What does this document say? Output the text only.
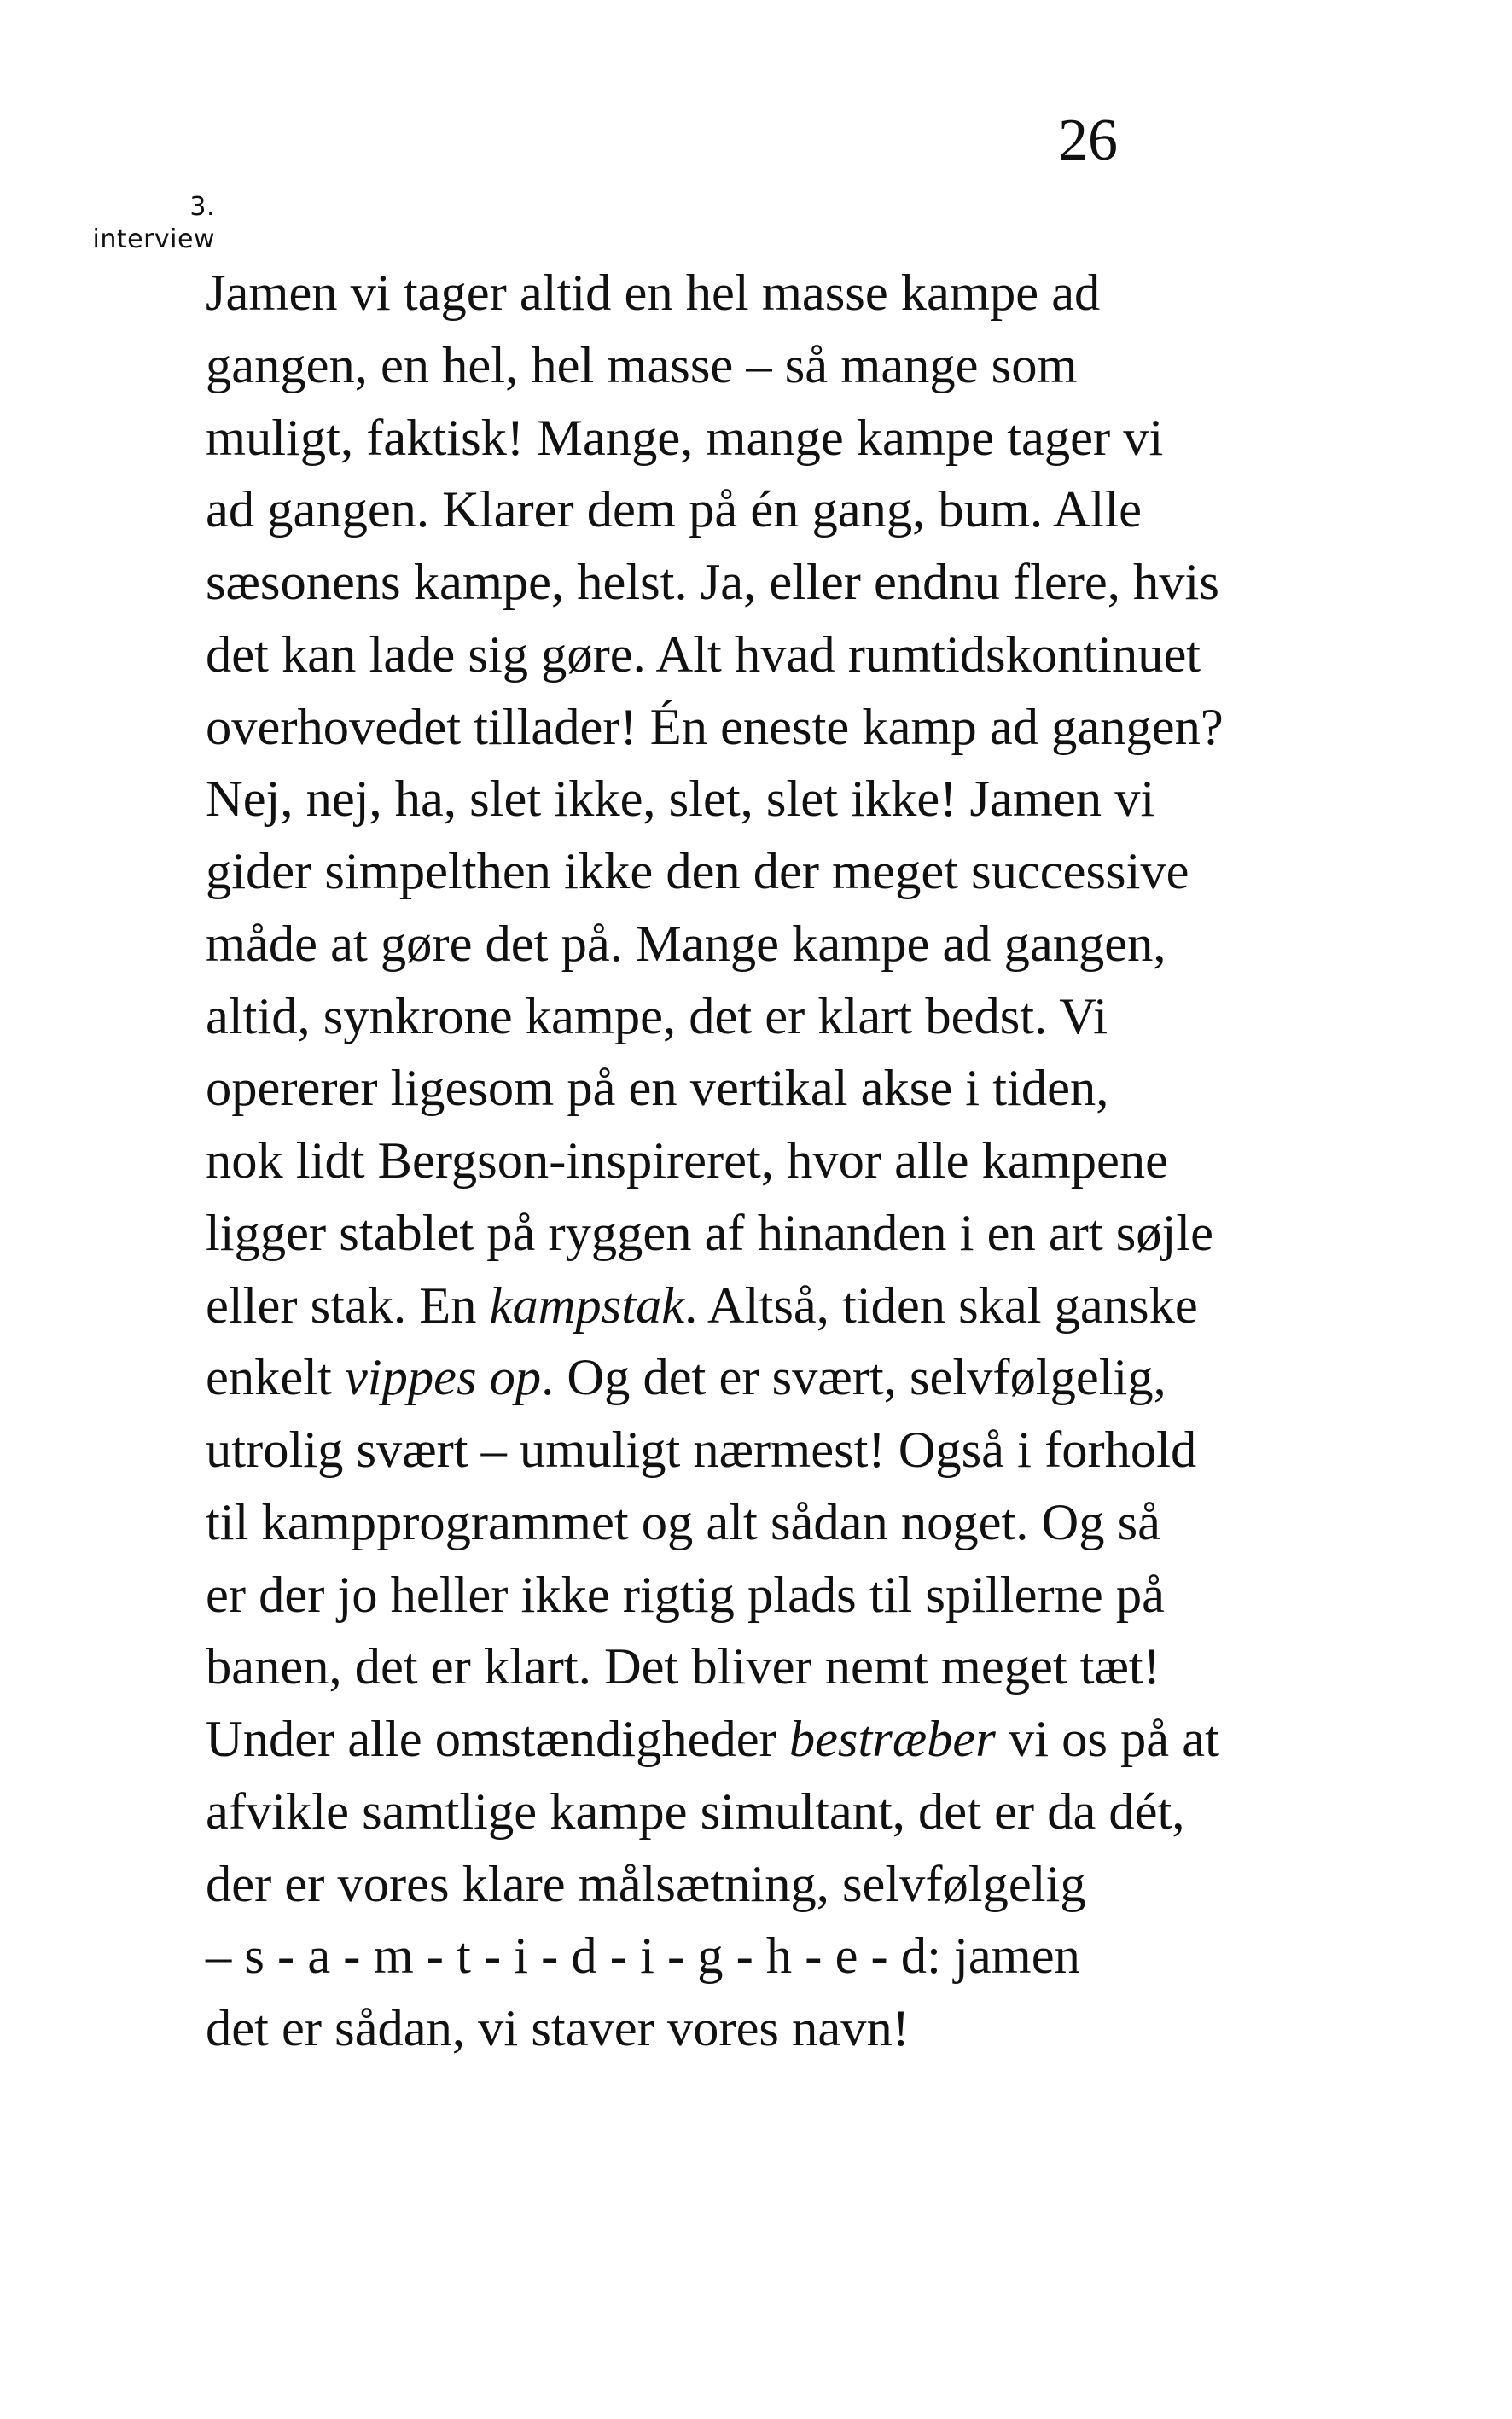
26
3.
interview
Jamen vi tager altid en hel masse kampe ad
gangen, en hel, hel masse – så mange som
muligt, faktisk! Mange, mange kampe tager vi
ad gangen. Klarer dem på én gang, bum. Alle
sæsonens kampe, helst. Ja, eller endnu flere, hvis
det kan lade sig gøre. Alt hvad rumtidskontinuet
overhovedet tillader! Én eneste kamp ad gangen?
Nej, nej, ha, slet ikke, slet, slet ikke! Jamen vi
gider simpelthen ikke den der meget successive
måde at gøre det på. Mange kampe ad gangen,
altid, synkrone kampe, det er klart bedst. Vi
opererer ligesom på en vertikal akse i tiden,
nok lidt Bergson-inspireret, hvor alle kampene
ligger stablet på ryggen af hinanden i en art søjle
eller stak. En kampstak. Altså, tiden skal ganske
enkelt vippes op. Og det er svært, selvfølgelig,
utrolig svært – umuligt nærmest! Også i forhold
til kampprogrammet og alt sådan noget. Og så
er der jo heller ikke rigtig plads til spillerne på
banen, det er klart. Det bliver nemt meget tæt!
Under alle omstændigheder bestræber vi os på at
afvikle samtlige kampe simultant, det er da dét,
der er vores klare målsætning, selvfølgelig
– s - a - m - t - i - d - i - g - h - e - d: jamen
det er sådan, vi staver vores navn!
